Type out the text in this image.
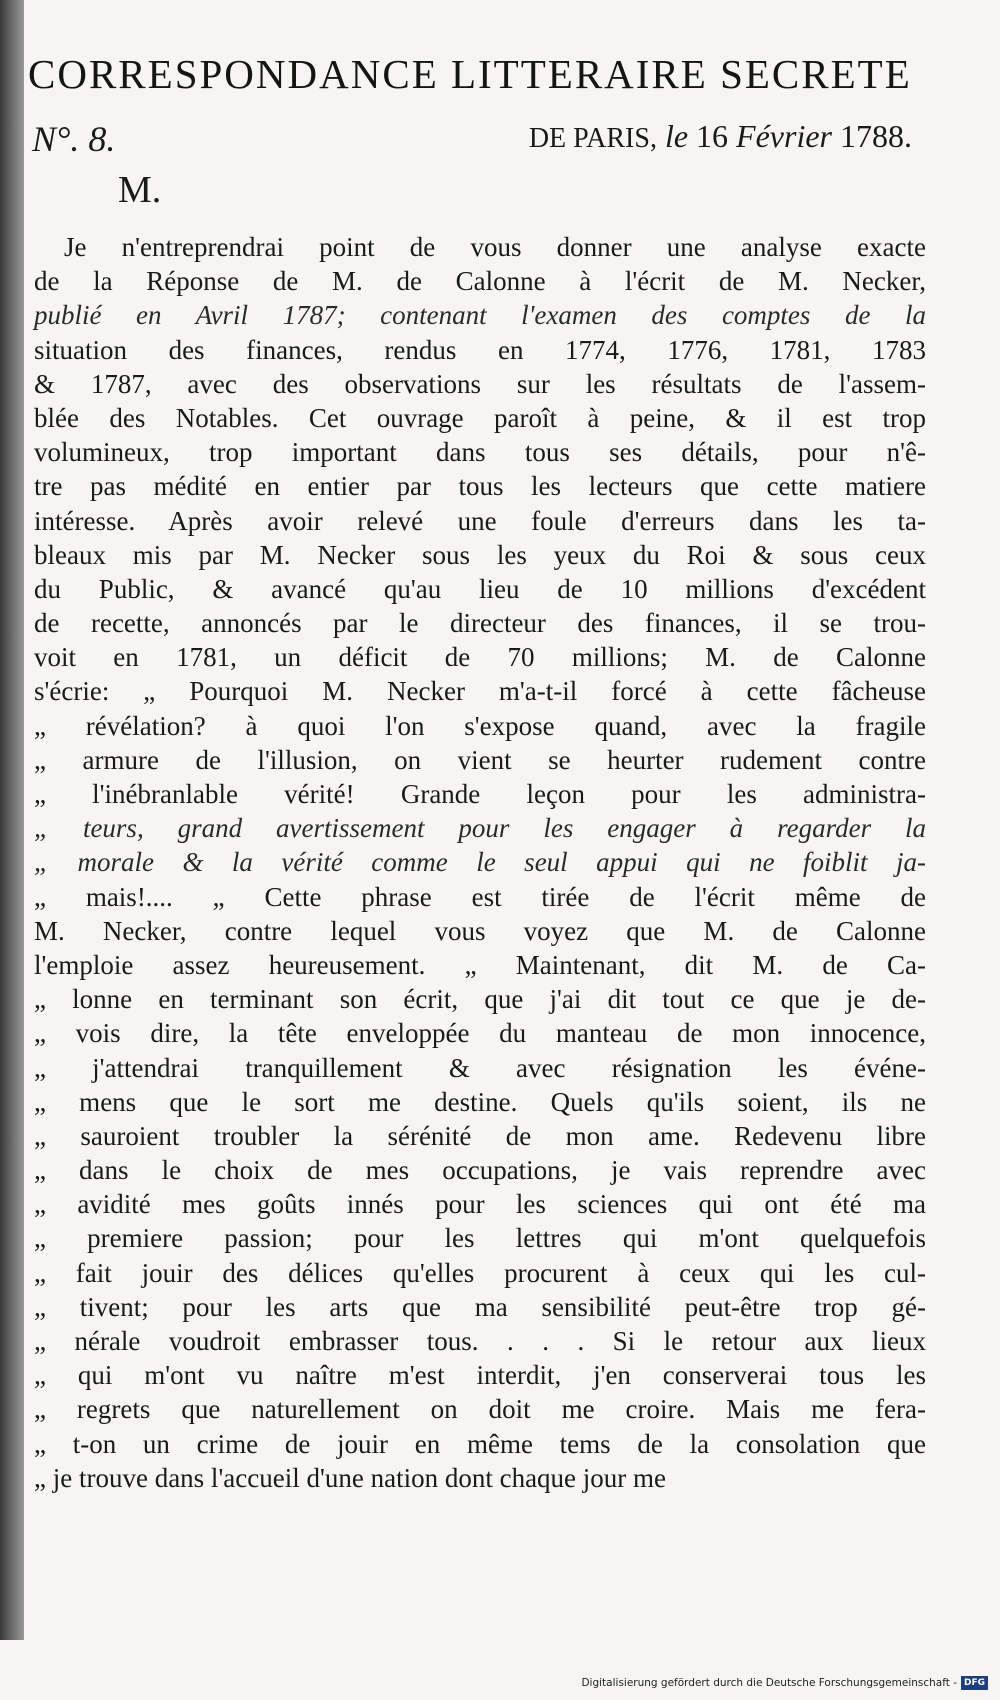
CORRESPONDANCE LITTERAIRE SECRETE
N°. 8.	DE PARIS, le 16 Février 1788.
M.
Je n'entreprendrai point de vous donner une analyse exacte
de la Réponse de M. de Calonne à l'écrit de M. Necker,
publié en Avril 1787; contenant l'examen des comptes de la
situation des finances, rendus en 1774, 1776, 1781, 1783
& 1787, avec des observations sur les résultats de l'assem-
blée des Notables. Cet ouvrage paroît à peine, & il est trop
volumineux, trop important dans tous ses détails, pour n'ê-
tre pas médité en entier par tous les lecteurs que cette matiere
intéresse. Après avoir relevé une foule d'erreurs dans les ta-
bleaux mis par M. Necker sous les yeux du Roi & sous ceux
du Public, & avancé qu'au lieu de 10 millions d'excédent
de recette, annoncés par le directeur des finances, il se trou-
voit en 1781, un déficit de 70 millions; M. de Calonne
s'écrie: „ Pourquoi M. Necker m'a-t-il forcé à cette fâcheuse
„ révélation? à quoi l'on s'expose quand, avec la fragile
„ armure de l'illusion, on vient se heurter rudement contre
„ l'inébranlable vérité! Grande leçon pour les administra-
„ teurs, grand avertissement pour les engager à regarder la
„ morale & la vérité comme le seul appui qui ne foiblit ja-
„ mais!.... „ Cette phrase est tirée de l'écrit même de
M. Necker, contre lequel vous voyez que M. de Calonne
l'emploie assez heureusement. „ Maintenant, dit M. de Ca-
„ lonne en terminant son écrit, que j'ai dit tout ce que je de-
„ vois dire, la tête enveloppée du manteau de mon innocence,
„ j'attendrai tranquillement & avec résignation les événe-
„ mens que le sort me destine. Quels qu'ils soient, ils ne
„ sauroient troubler la sérénité de mon ame. Redevenu libre
„ dans le choix de mes occupations, je vais reprendre avec
„ avidité mes goûts innés pour les sciences qui ont été ma
„ premiere passion; pour les lettres qui m'ont quelquefois
„ fait jouir des délices qu'elles procurent à ceux qui les cul-
„ tivent; pour les arts que ma sensibilité peut-être trop gé-
„ nérale voudroit embrasser tous. . . . Si le retour aux lieux
„ qui m'ont vu naître m'est interdit, j'en conserverai tous les
„ regrets que naturellement on doit me croire. Mais me fera-
„ t-on un crime de jouir en même tems de la consolation que
„ je trouve dans l'accueil d'une nation dont chaque jour me
Digitalisierung gefördert durch die Deutsche Forschungsgemeinschaft - DFG
